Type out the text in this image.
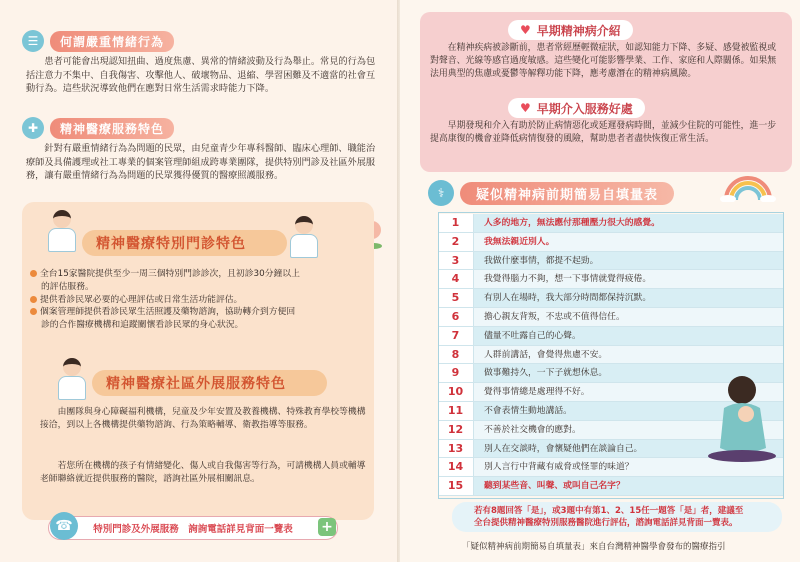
☰	何謂嚴重情緒行為
患者可能會出現認知扭曲、過度焦慮、異常的情緒波動及行為舉止。常見的行為包括注意力不集中、自我傷害、攻擊他人、破壞物品、退縮、學習困難及不適當的社會互動行為。這些狀況導致他們在應對日常生活需求時能力下降。
✚	精神醫療服務特色
針對有嚴重情緒行為為問題的民眾，由兒童青少年專科醫師、臨床心理師、職能治療師及具備護理或社工專業的個案管理師組成跨專業團隊，提供特別門診及社區外展服務，讓有嚴重情緒行為為問題的民眾獲得優質的醫療照護服務。
精神醫療特別門診特色
全台15家醫院提供至少一周三個特別門診診次，且初診30分鐘以上
的評估服務。
提供看診民眾必要的心理評估或日常生活功能評估。
個案管理師提供看診民眾生活照護及藥物諮詢，協助轉介到方便回
診的合作醫療機構和追蹤關懷看診民眾的身心狀況。
精神醫療社區外展服務特色
由團隊與身心障礙福利機構，兒童及少年安置及教養機構、特殊教育學校等機構接洽，到以上各機構提供藥物諮詢、行為策略輔導、衛教指導等服務。
若您所在機構的孩子有情緒變化、傷人或自我傷害等行為，可請機構人員或輔導老師聯絡就近提供服務的醫院，諮詢社區外展相關訊息。
特別門診及外展服務　詢詢電話詳見背面一覽表
☎	+
♥ 早期精神病介紹
在精神疾病被診斷前，患者常經歷輕微症狀，如認知能力下降、多疑、感覺被監視或對聲音、光線等感官過度敏感。這些變化可能影響學業、工作、家庭和人際關係。如果無法用典型的焦慮或憂鬱等解釋功能下降，應考慮潛在的精神病風險。
♥ 早期介入服務好處
早期發現和介入有助於防止病情惡化或延遲發病時間，並減少住院的可能性，進一步提高康復的機會並降低病情復發的風險，幫助患者者盡快恢復正常生活。
⚕	疑似精神病前期簡易自填量表
1	人多的地方，無法應付那種壓力很大的感覺。
2	我無法親近別人。
3	我做什麼事情，都提不起勁。
4	我覺得腦力不夠，想一下事情就覺得疲倦。
5	有別人在場時，我大部分時間都保持沉默。
6	擔心親友背叛，不忠或不值得信任。
7	儘量不吐露自己的心聲。
8	人群前講話，會覺得焦慮不安。
9	做事難持久，一下子就想休息。
10	覺得事情總是處理得不好。
11	不會表情生動地講話。
12	不善於社交機會的應對。
13	別人在交談時，會懷疑他們在談論自己。
14	別人言行中背藏有威脅或怪罪的味道？
15	聽到某些音、叫聲、或叫自己名字？
若有8題回答「是」，或3題中有第1、2、15任一題答「是」者，建議至
全台提供精神醫療特別服務醫院進行評估，諮詢電話詳見背面一覽表。
「疑似精神病前期簡易自填量表」來自台灣精神醫學會發布的醫療指引
